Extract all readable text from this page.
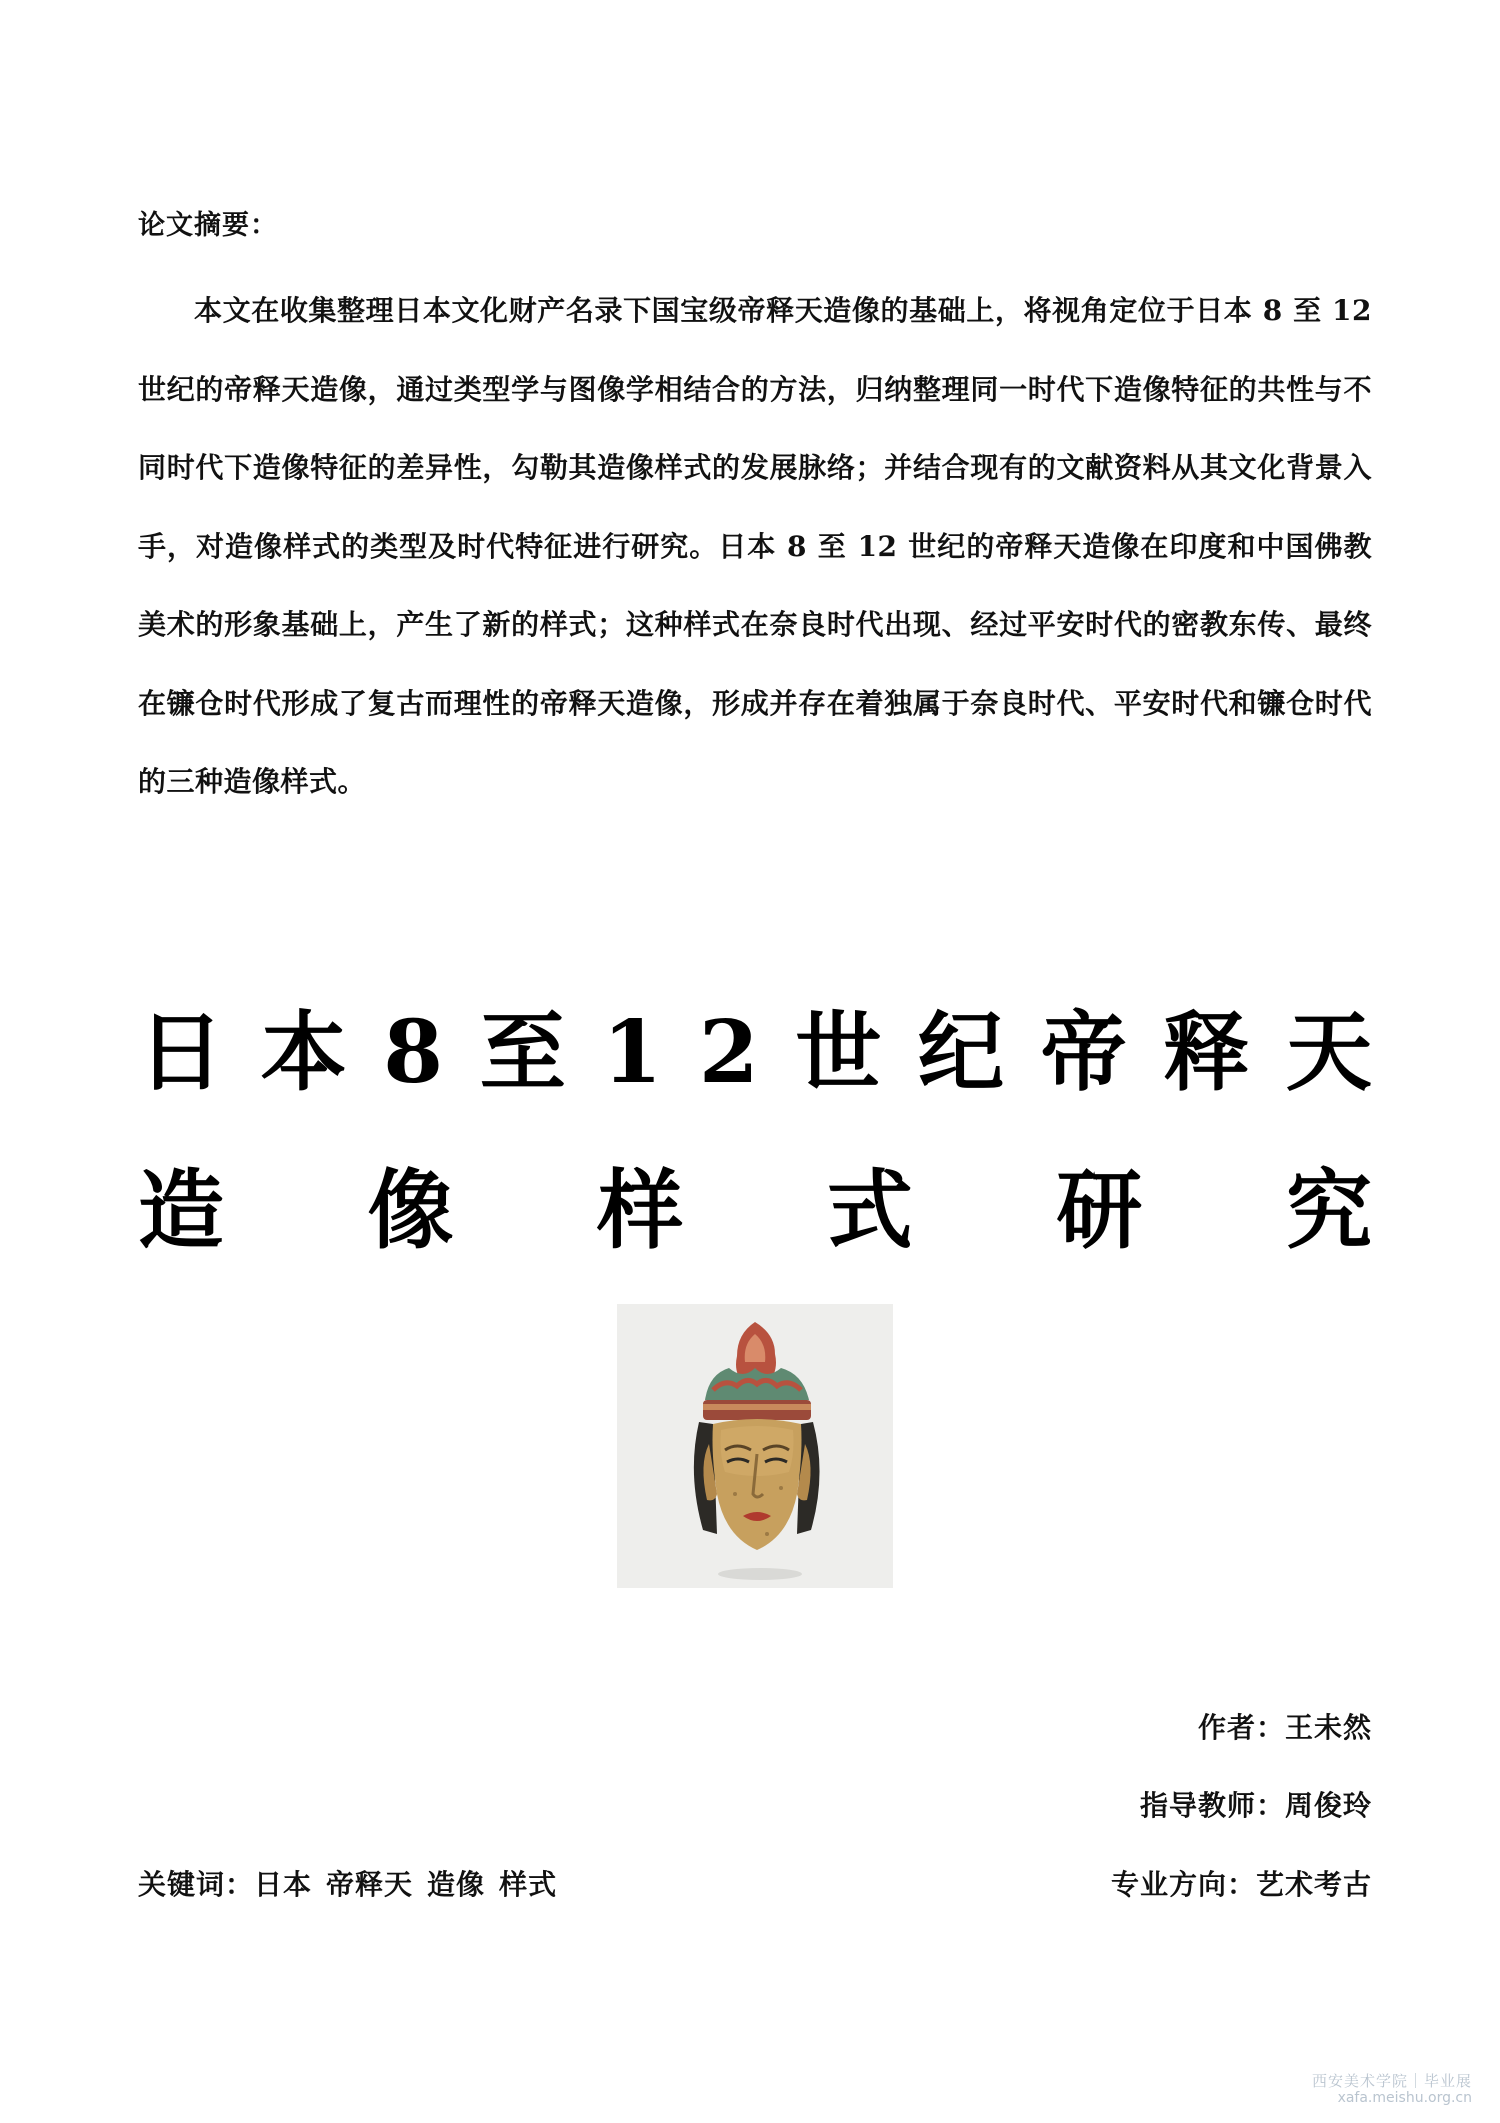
论文摘要：

本文在收集整理日本文化财产名录下国宝级帝释天造像的基础上，将视角定位于日本 8 至 12 世纪的帝释天造像，通过类型学与图像学相结合的方法，归纳整理同一时代下造像特征的共性与不同时代下造像特征的差异性，勾勒其造像样式的发展脉络；并结合现有的文献资料从其文化背景入手，对造像样式的类型及时代特征进行研究。日本 8 至 12 世纪的帝释天造像在印度和中国佛教美术的形象基础上，产生了新的样式；这种样式在奈良时代出现、经过平安时代的密教东传、最终在镰仓时代形成了复古而理性的帝释天造像，形成并存在着独属于奈良时代、平安时代和镰仓时代的三种造像样式。

日 本 8 至 1 2 世 纪 帝 释 天
造 像 样 式 研 究
作者：王未然
指导教师：周俊玲
关键词：日本 帝释天 造像 样式	专业方向：艺术考古
西安美术学院｜毕业展
xafa.meishu.org.cn
